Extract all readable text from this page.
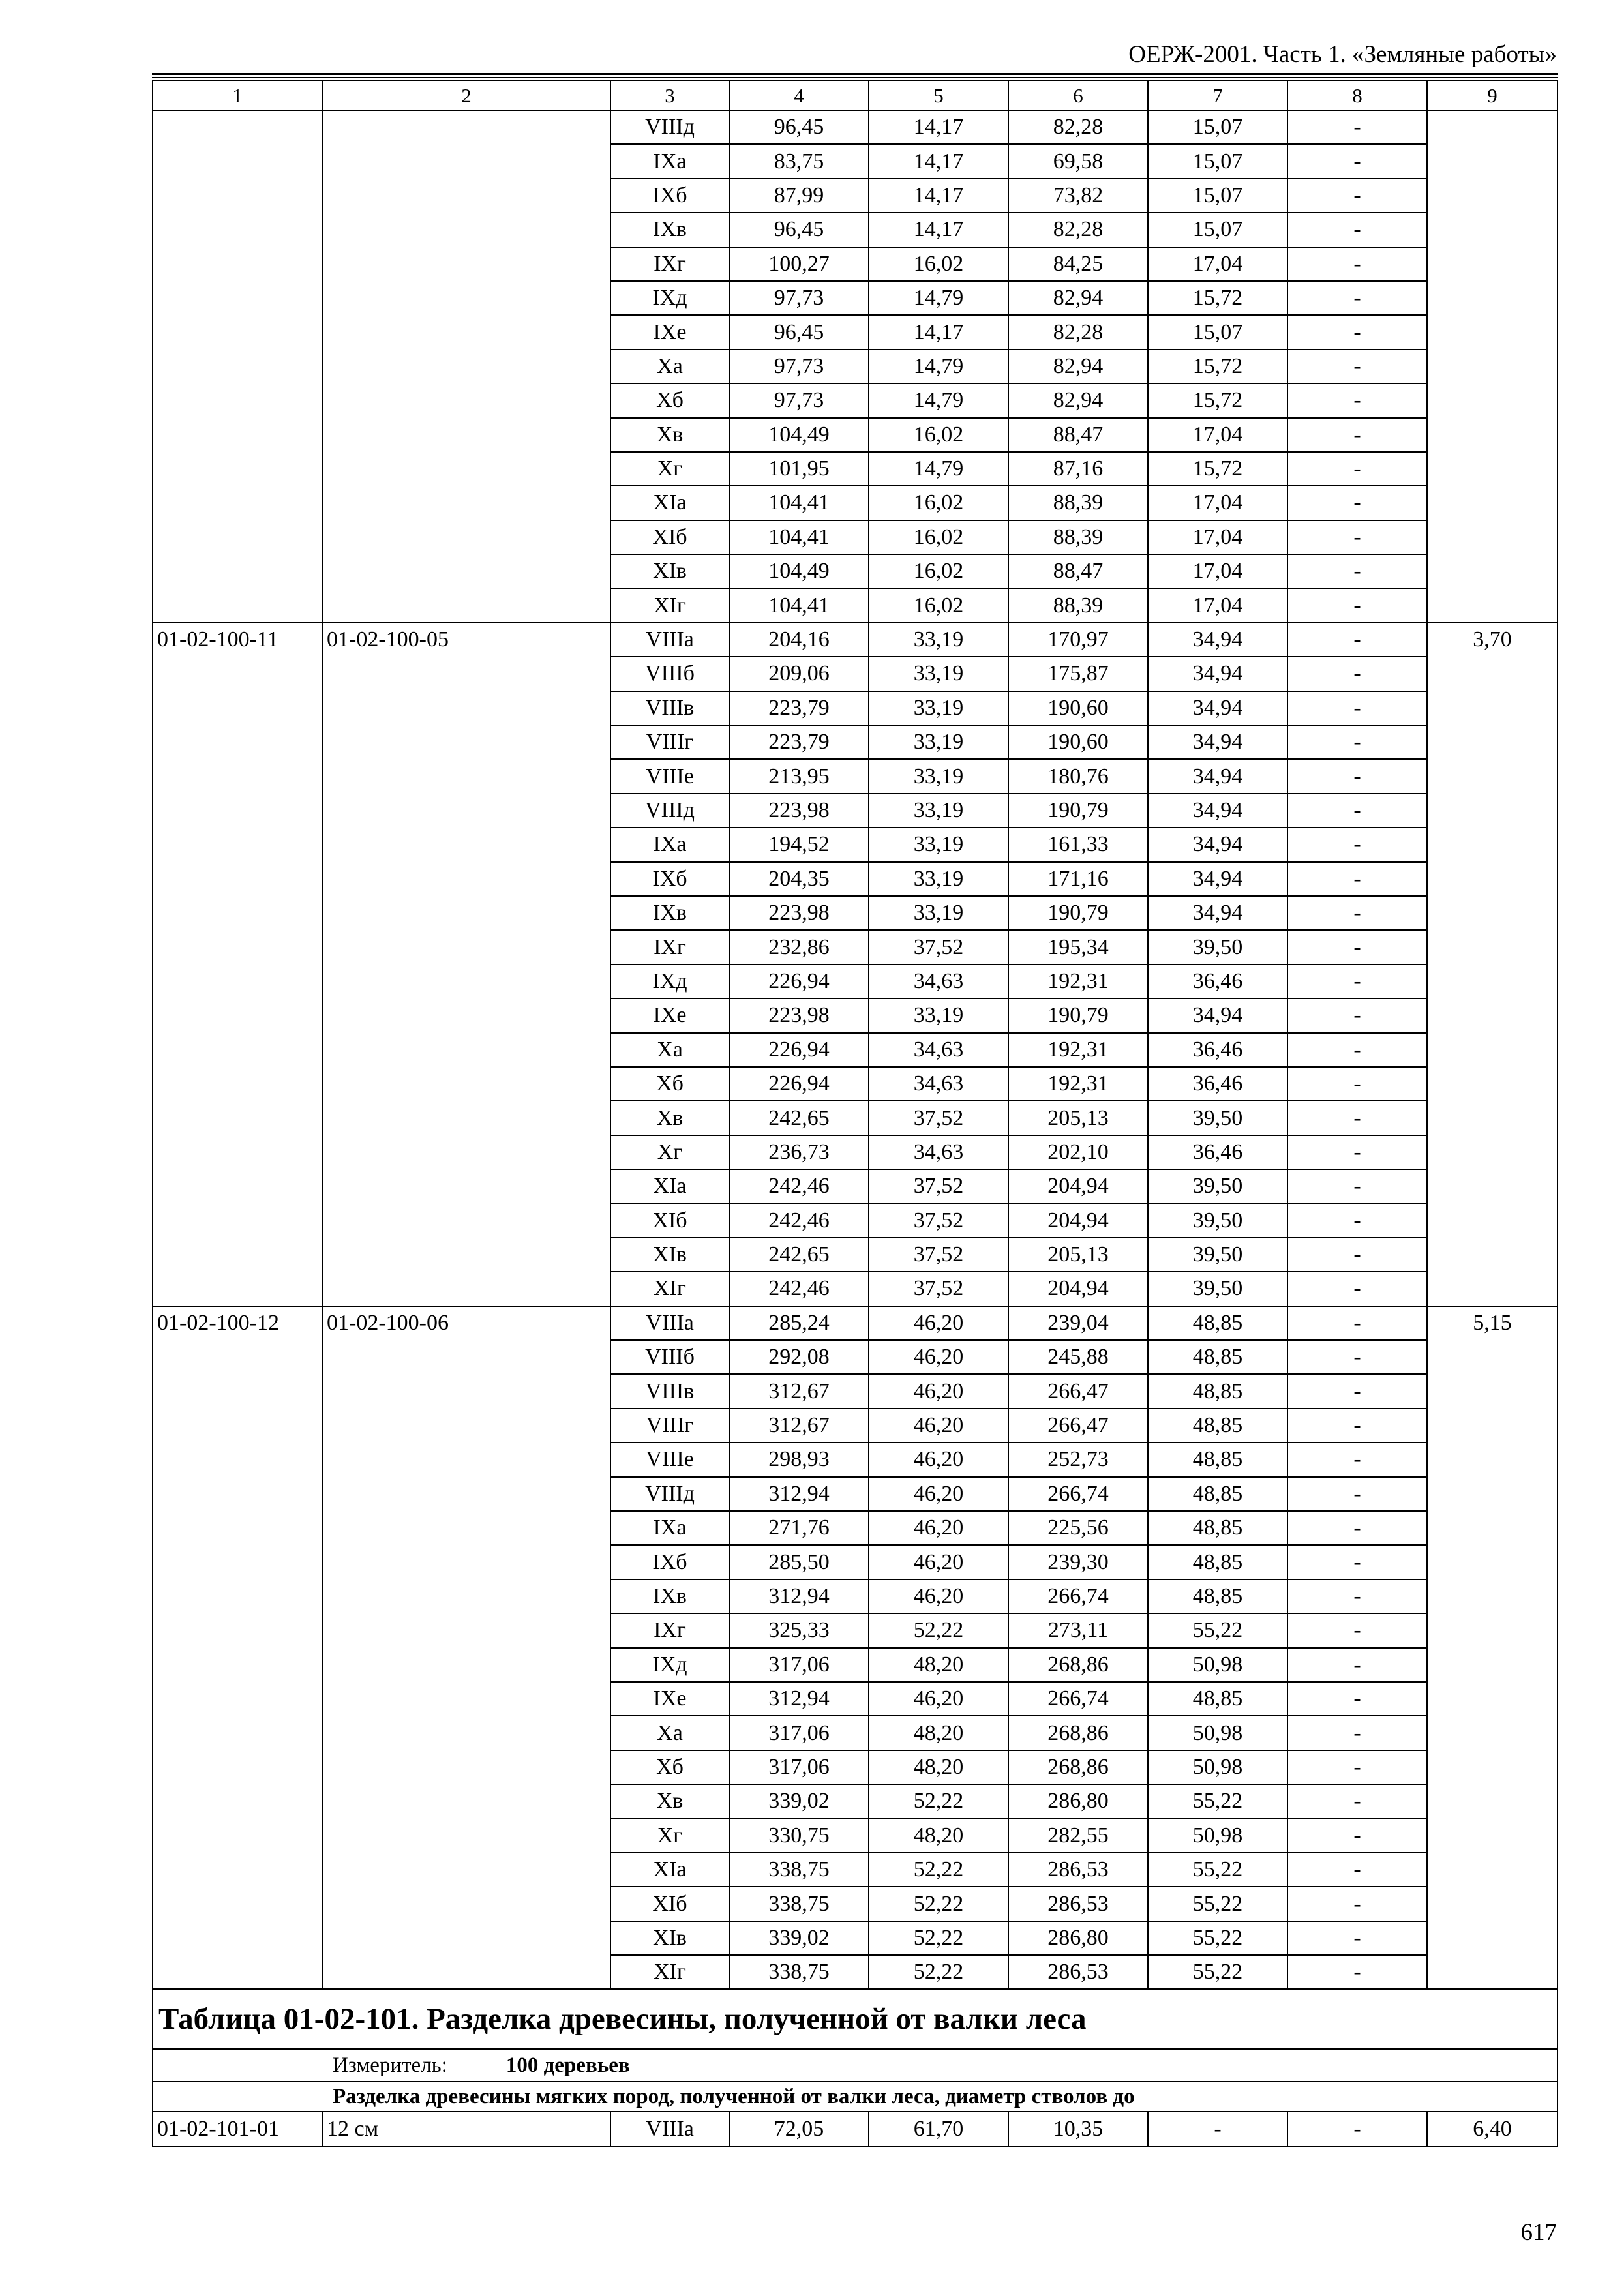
ОЕРЖ-2001. Часть 1. «Земляные работы»
1	2	3	4	5	6	7	8	9
		VIIIд	96,45	14,17	82,28	15,07	-	
		IXa	83,75	14,17	69,58	15,07	-	
		IXб	87,99	14,17	73,82	15,07	-	
		IXв	96,45	14,17	82,28	15,07	-	
		IXг	100,27	16,02	84,25	17,04	-	
		IXд	97,73	14,79	82,94	15,72	-	
		IXe	96,45	14,17	82,28	15,07	-	
		Xa	97,73	14,79	82,94	15,72	-	
		Xб	97,73	14,79	82,94	15,72	-	
		Xв	104,49	16,02	88,47	17,04	-	
		Xг	101,95	14,79	87,16	15,72	-	
		XIa	104,41	16,02	88,39	17,04	-	
		XIб	104,41	16,02	88,39	17,04	-	
		XIв	104,49	16,02	88,47	17,04	-	
		XIг	104,41	16,02	88,39	17,04	-	
01-02-100-11	01-02-100-05	VIIIa	204,16	33,19	170,97	34,94	-	3,70
		VIIIб	209,06	33,19	175,87	34,94	-	
		VIIIв	223,79	33,19	190,60	34,94	-	
		VIIIг	223,79	33,19	190,60	34,94	-	
		VIIIe	213,95	33,19	180,76	34,94	-	
		VIIIд	223,98	33,19	190,79	34,94	-	
		IXa	194,52	33,19	161,33	34,94	-	
		IXб	204,35	33,19	171,16	34,94	-	
		IXв	223,98	33,19	190,79	34,94	-	
		IXг	232,86	37,52	195,34	39,50	-	
		IXд	226,94	34,63	192,31	36,46	-	
		IXe	223,98	33,19	190,79	34,94	-	
		Xa	226,94	34,63	192,31	36,46	-	
		Xб	226,94	34,63	192,31	36,46	-	
		Xв	242,65	37,52	205,13	39,50	-	
		Xг	236,73	34,63	202,10	36,46	-	
		XIa	242,46	37,52	204,94	39,50	-	
		XIб	242,46	37,52	204,94	39,50	-	
		XIв	242,65	37,52	205,13	39,50	-	
		XIг	242,46	37,52	204,94	39,50	-	
01-02-100-12	01-02-100-06	VIIIa	285,24	46,20	239,04	48,85	-	5,15
		VIIIб	292,08	46,20	245,88	48,85	-	
		VIIIв	312,67	46,20	266,47	48,85	-	
		VIIIг	312,67	46,20	266,47	48,85	-	
		VIIIe	298,93	46,20	252,73	48,85	-	
		VIIIд	312,94	46,20	266,74	48,85	-	
		IXa	271,76	46,20	225,56	48,85	-	
		IXб	285,50	46,20	239,30	48,85	-	
		IXв	312,94	46,20	266,74	48,85	-	
		IXг	325,33	52,22	273,11	55,22	-	
		IXд	317,06	48,20	268,86	50,98	-	
		IXe	312,94	46,20	266,74	48,85	-	
		Xa	317,06	48,20	268,86	50,98	-	
		Xб	317,06	48,20	268,86	50,98	-	
		Xв	339,02	52,22	286,80	55,22	-	
		Xг	330,75	48,20	282,55	50,98	-	
		XIa	338,75	52,22	286,53	55,22	-	
		XIб	338,75	52,22	286,53	55,22	-	
		XIв	339,02	52,22	286,80	55,22	-	
		XIг	338,75	52,22	286,53	55,22	-	
Таблица 01-02-101. Разделка древесины, полученной от валки леса								
Измеритель: 100 деревьев								
Разделка древесины мягких пород, полученной от валки леса, диаметр стволов до								
01-02-101-01	12 см	VIIIa	72,05	61,70	10,35	-	-	6,40
617
